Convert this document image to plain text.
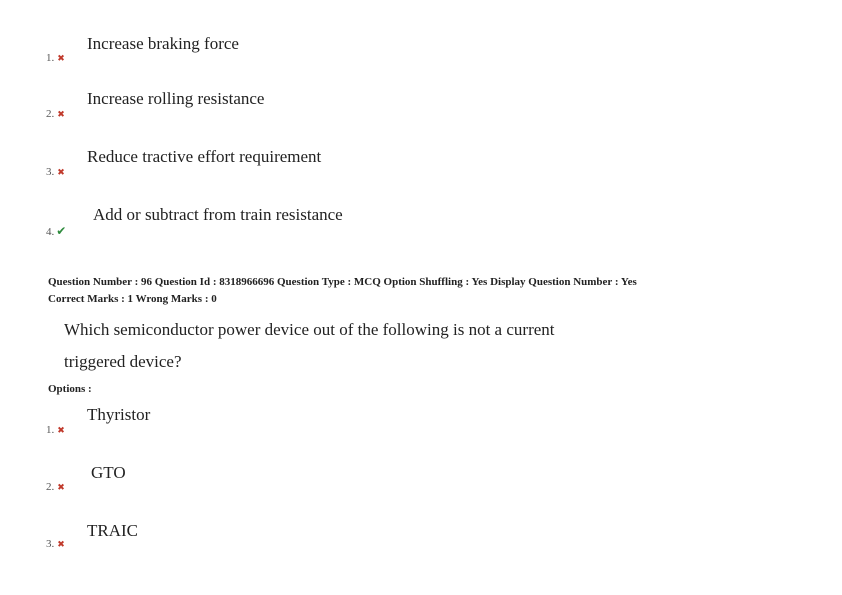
1. ✖
Increase braking force
2. ✖
Increase rolling resistance
3. ✖
Reduce tractive effort requirement
4. ✔
Add or subtract from train resistance
Question Number : 96 Question Id : 8318966696 Question Type : MCQ Option Shuffling : Yes Display Question Number : Yes
Correct Marks : 1 Wrong Marks : 0
Which semiconductor power device out of the following is not a current
triggered device?
Options :
1. ✖
Thyristor
2. ✖
GTO
3. ✖
TRAIC
